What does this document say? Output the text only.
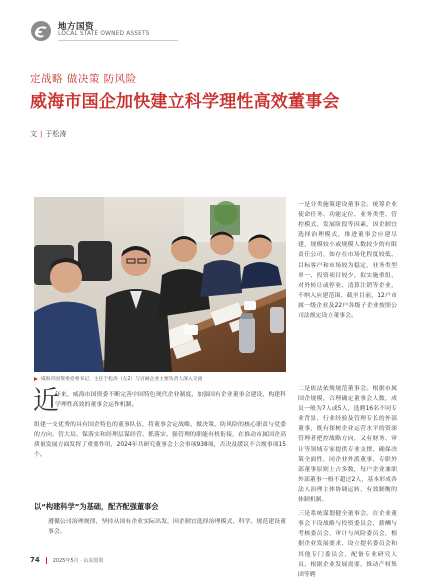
地方国资
LOCAL STATE OWNED ASSETS
定战略 做决策 防风险
威海市国企加快建立科学理性高效董事会
文 | 于松涛
威海市国资委党委书记、主任于松涛（左2）与百丽企业主要负责人深入交流
近
年来，威海市国资委不断完善中国特色现代企业制度，加强国有企业董事会建设，构建科学理性高效的董事会运作机制。
组建一支优秀的具有国企特色的董事队伍，将董事会定战略、做决策、防风险的核心职责与党委的方向、管大局、保落实和经理层谋经营、抓落实、强管理的职能有机衔接，在推动市属国企高质量发展方面发挥了重要作用，2024年共研究董事会上会事项938项，否决及缓议不合规事项15个。
以“构建科学”为基础，配齐配强董事会
遵循公司治理规律，坚持从国有企业实际出发，因企制宜选择治理模式，科学、规范建设董事会。
一是分类施策建设董事会。统筹企业使命任务、功能定位、业务类型、管控模式、发展阶段等因素，因企制宜选择治理模式，推进董事会应建尽建，规模较小或规模人数较少的有限责任公司，如存在市场化程度较低、目标客户和市场较为稳定，业务类型单一、投资项目较少，拟实施重组、对外转让或停业、清算注销等企业，不纳入应建范围，截至目前，12户市属一级企业及22户各级子企业按照公司法规定设立董事会。
二是依法依规规范董事会。根据市属国企规模，合理确定董事会人数，成员一般为7人或5人，选聘16名不同专业背景、行业经验及管理专长的外部董事，既有探树企业运营水平的资深管理者把控战略方向，又有财务、审计等领域专家提供专业支撑，确保决策全面性，同企业外派董事、专职外部董事原则上占多数，每户企业兼职外部董事一般不超过2人，基本形成各法人治理主体协调运转、有效制衡的体制机制。
三是系统谋划健全董事会。在企业董事会下设战略与投资委员会、薪酬与考核委员会、审计与风险委员会，根据企业发展要求，设立提名委员会和其他专门委员会，配备专业研究人员，根据企业发展需要，推动产权集团等聘
74	2025年5月 · 山东国资
